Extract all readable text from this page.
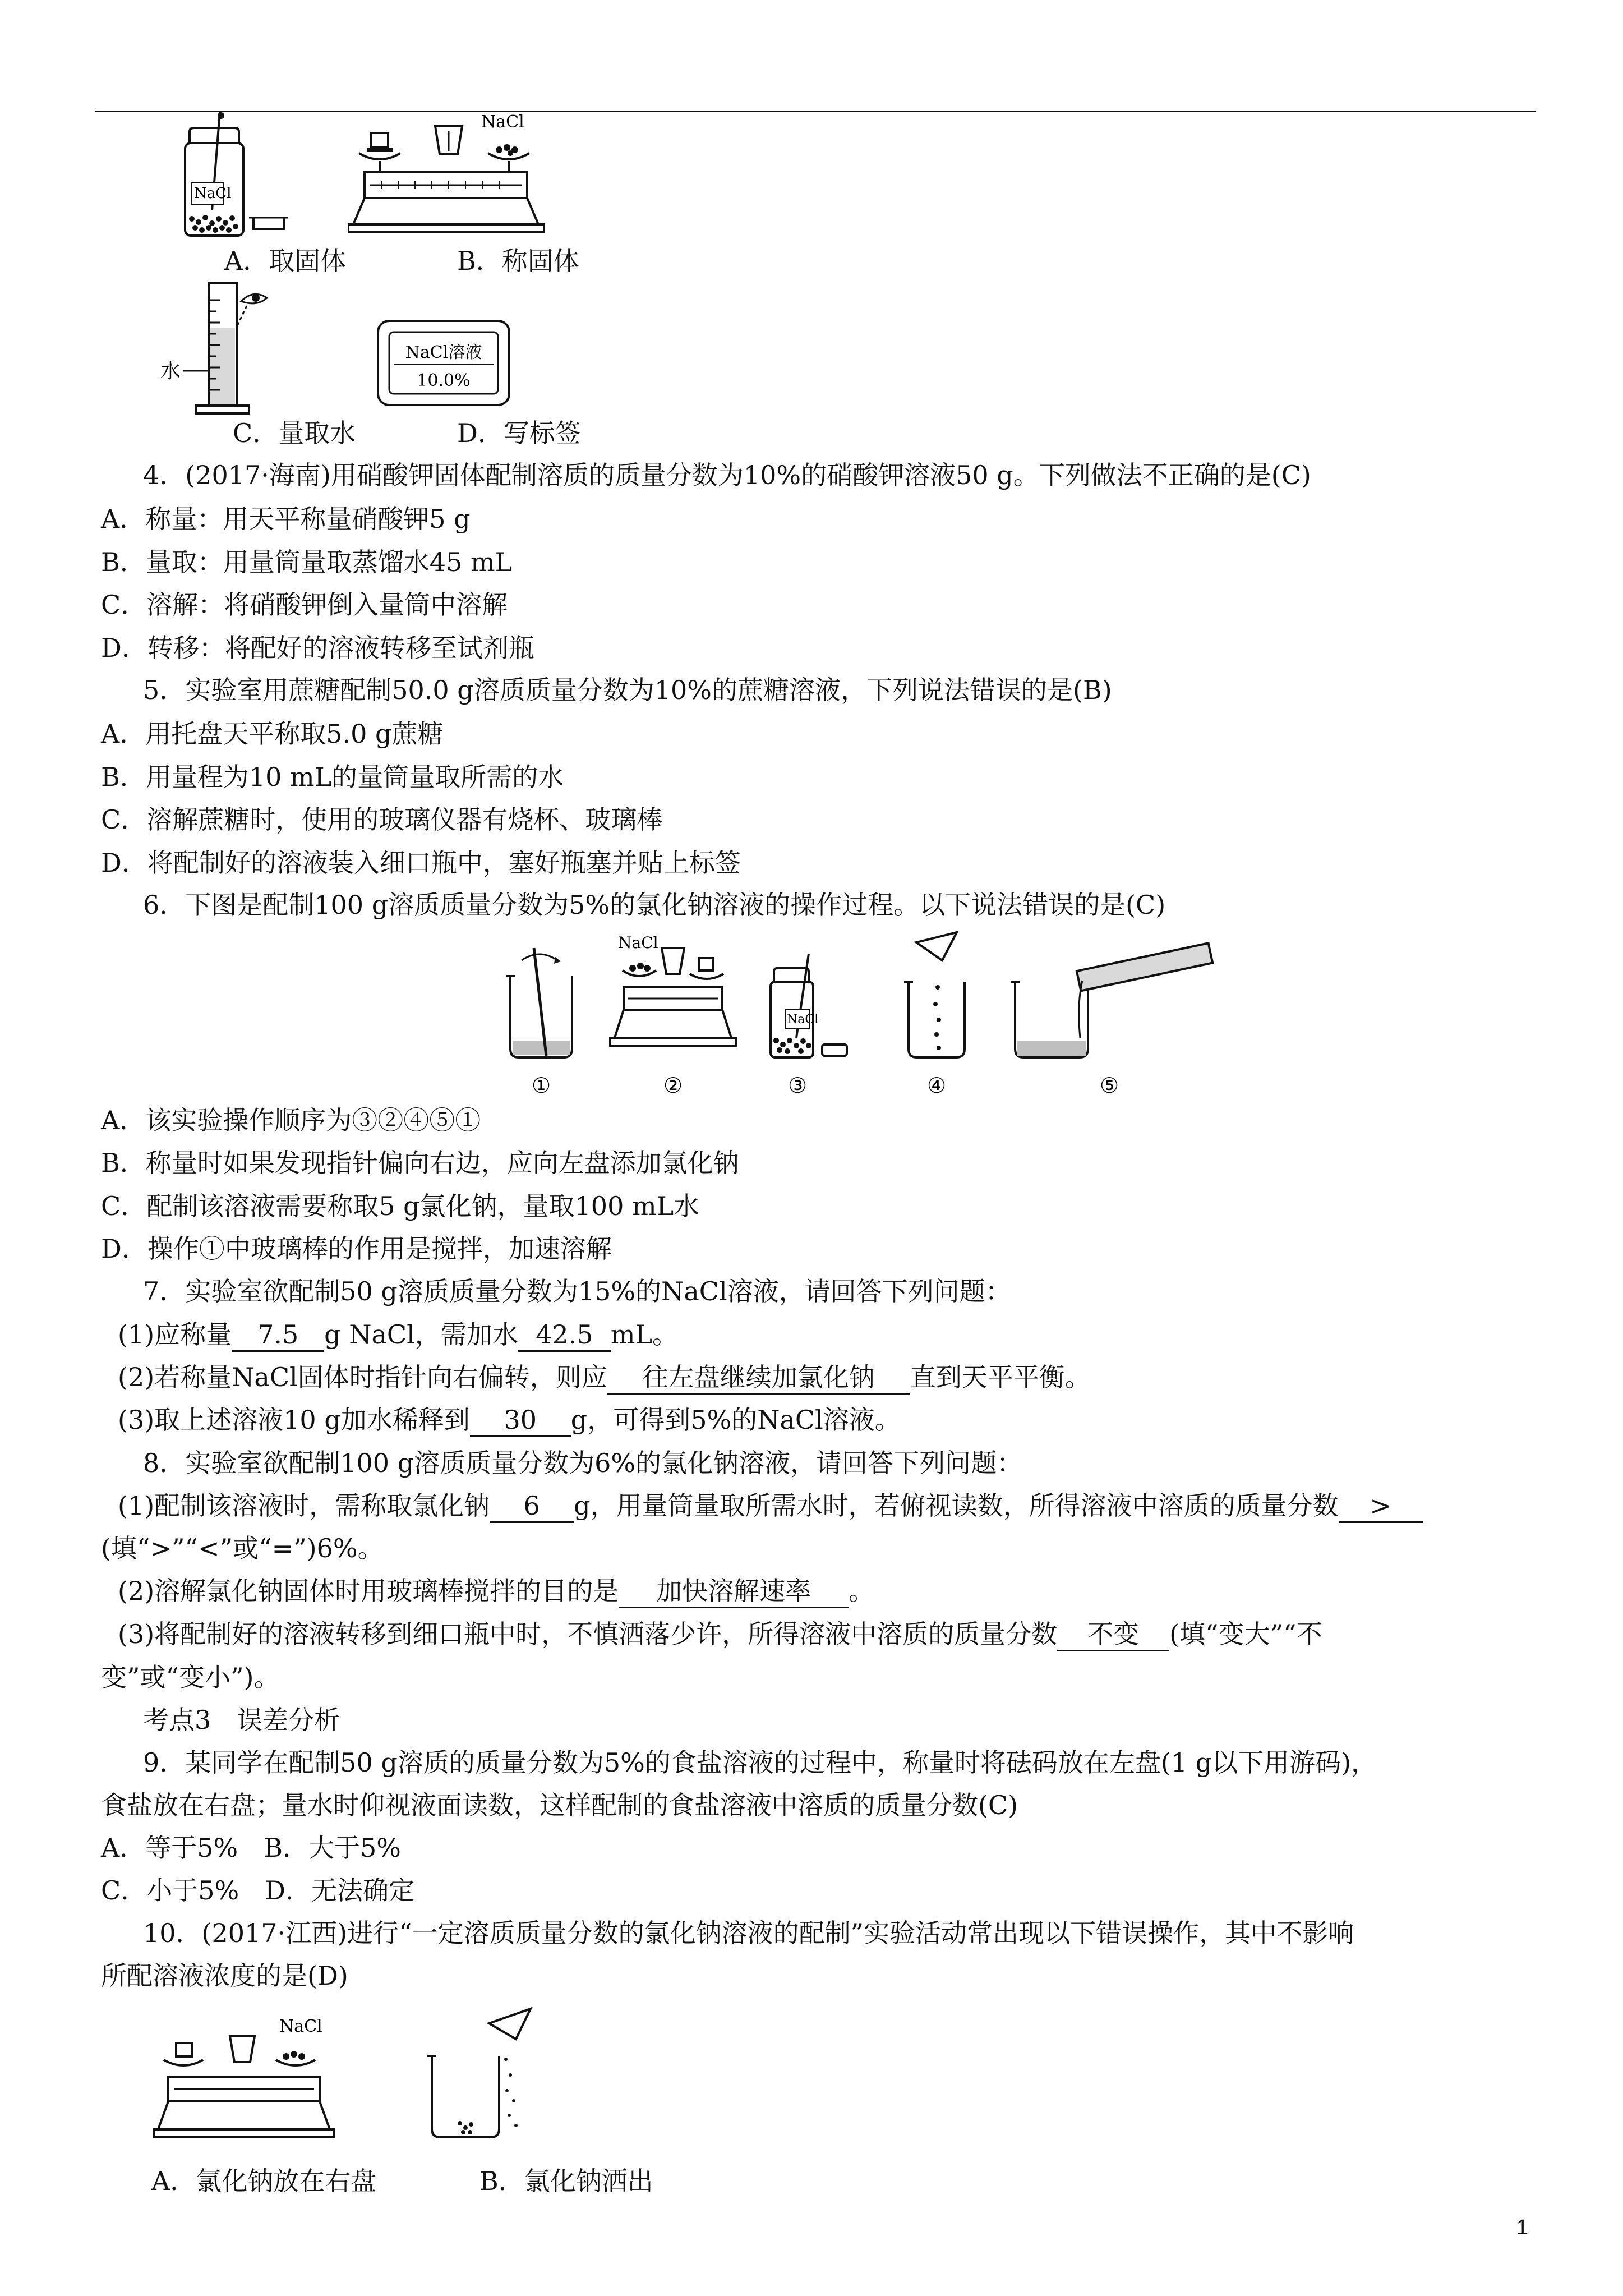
NaCl
NaCl
水
NaCl溶液
10.0%
A．取固体	B．称固体
C．量取水	D．写标签
4．(2017·海南)用硝酸钾固体配制溶质的质量分数为10%的硝酸钾溶液50 g。下列做法不正确的是(C)
A．称量：用天平称量硝酸钾5 g
B．量取：用量筒量取蒸馏水45 mL
C．溶解：将硝酸钾倒入量筒中溶解
D．转移：将配好的溶液转移至试剂瓶
5．实验室用蔗糖配制50.0 g溶质质量分数为10%的蔗糖溶液，下列说法错误的是(B)
A．用托盘天平称取5.0 g蔗糖
B．用量程为10 mL的量筒量取所需的水
C．溶解蔗糖时，使用的玻璃仪器有烧杯、玻璃棒
D．将配制好的溶液装入细口瓶中，塞好瓶塞并贴上标签
6．下图是配制100 g溶质质量分数为5%的氯化钠溶液的操作过程。以下说法错误的是(C)
NaCl
NaCl
①	②	③	④	⑤
A．该实验操作顺序为③②④⑤①
B．称量时如果发现指针偏向右边，应向左盘添加氯化钠
C．配制该溶液需要称取5 g氯化钠，量取100 mL水
D．操作①中玻璃棒的作用是搅拌，加速溶解
7．实验室欲配制50 g溶质质量分数为15%的NaCl溶液，请回答下列问题：
(1)应称量 7.5 g NaCl，需加水 42.5 mL。
(2)若称量NaCl固体时指针向右偏转，则应 往左盘继续加氯化钠 直到天平平衡。
(3)取上述溶液10 g加水稀释到 30 g，可得到5%的NaCl溶液。
8．实验室欲配制100 g溶质质量分数为6%的氯化钠溶液，请回答下列问题：
(1)配制该溶液时，需称取氯化钠 6 g，用量筒量取所需水时，若俯视读数，所得溶液中溶质的质量分数 >
(填“>”“<”或“=”)6%。
(2)溶解氯化钠固体时用玻璃棒搅拌的目的是 加快溶解速率 。
(3)将配制好的溶液转移到细口瓶中时，不慎洒落少许，所得溶液中溶质的质量分数 不变 (填“变大”“不
变”或“变小”)。
考点3　误差分析
9．某同学在配制50 g溶质的质量分数为5%的食盐溶液的过程中，称量时将砝码放在左盘(1 g以下用游码)，
食盐放在右盘；量水时仰视液面读数，这样配制的食盐溶液中溶质的质量分数(C)
A．等于5%　B．大于5%
C．小于5%　D．无法确定
10．(2017·江西)进行“一定溶质质量分数的氯化钠溶液的配制”实验活动常出现以下错误操作，其中不影响
所配溶液浓度的是(D)
NaCl
A．氯化钠放在右盘	B．氯化钠洒出
1
